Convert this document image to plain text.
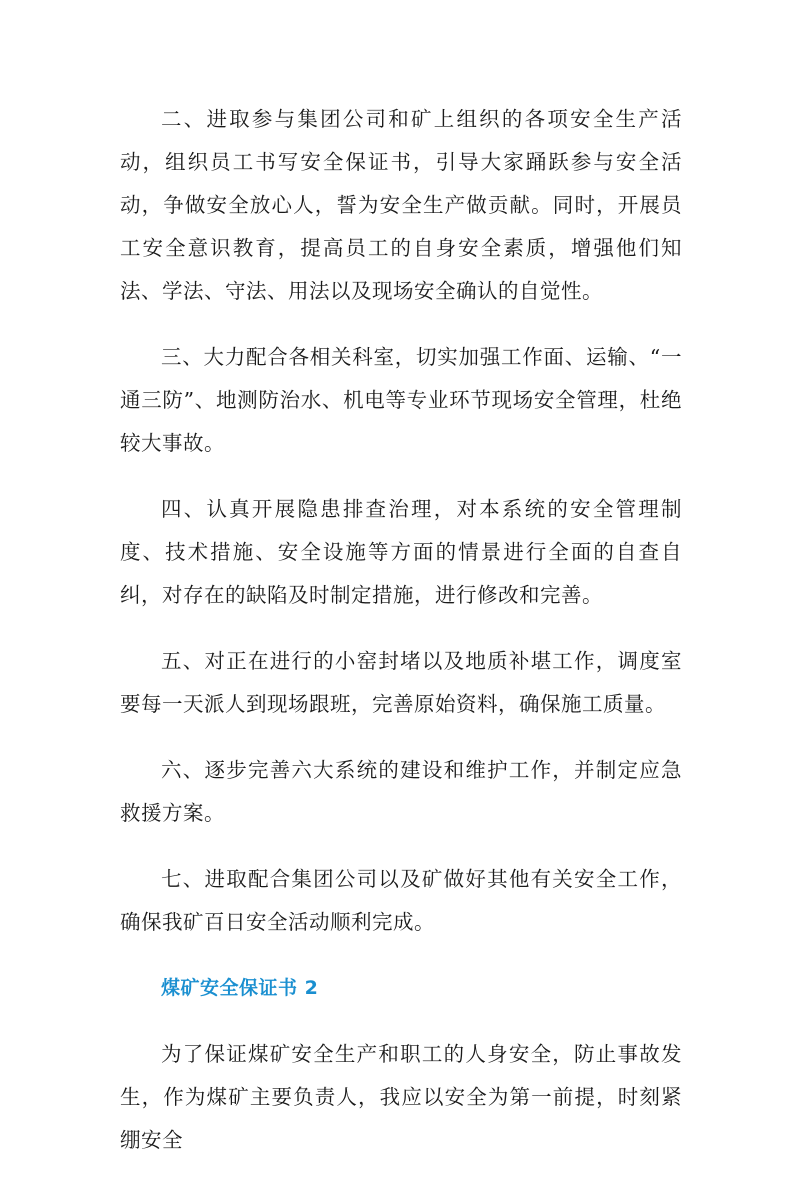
二、进取参与集团公司和矿上组织的各项安全生产活动，组织员工书写安全保证书，引导大家踊跃参与安全活动，争做安全放心人，誓为安全生产做贡献。同时，开展员工安全意识教育，提高员工的自身安全素质，增强他们知法、学法、守法、用法以及现场安全确认的自觉性。

三、大力配合各相关科室，切实加强工作面、运输、“一通三防”、地测防治水、机电等专业环节现场安全管理，杜绝较大事故。

四、认真开展隐患排查治理，对本系统的安全管理制度、技术措施、安全设施等方面的情景进行全面的自查自纠，对存在的缺陷及时制定措施，进行修改和完善。

五、对正在进行的小窑封堵以及地质补堪工作，调度室要每一天派人到现场跟班，完善原始资料，确保施工质量。

六、逐步完善六大系统的建设和维护工作，并制定应急救援方案。

七、进取配合集团公司以及矿做好其他有关安全工作，确保我矿百日安全活动顺利完成。

煤矿安全保证书 2

为了保证煤矿安全生产和职工的人身安全，防止事故发生，作为煤矿主要负责人，我应以安全为第一前提，时刻紧绷安全
